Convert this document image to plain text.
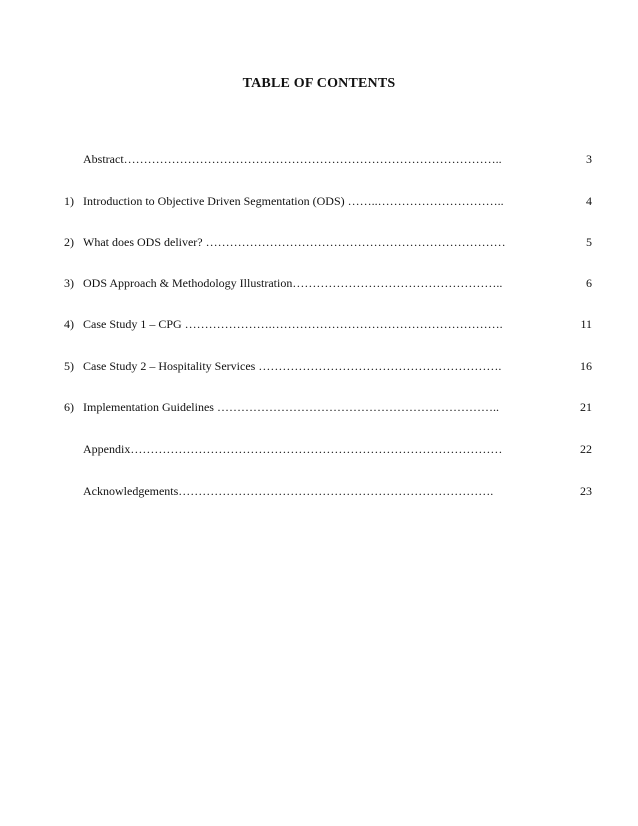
TABLE OF CONTENTS
Abstract…………………………………………………………………………………..	3
1) Introduction to Objective Driven Segmentation (ODS) ……..…………………………..	4
2) What does ODS deliver? …………………………………………………………………	5
3) ODS Approach & Methodology Illustration……………………………………………..	6
4) Case Study 1 – CPG ………………….………………………………………………….	11
5) Case Study 2 – Hospitality Services …………………………………………………….	16
6) Implementation Guidelines ……………………………………………………………..	21
Appendix…………………………………………………………………………………	22
Acknowledgements…………………………………………………………………….	23
